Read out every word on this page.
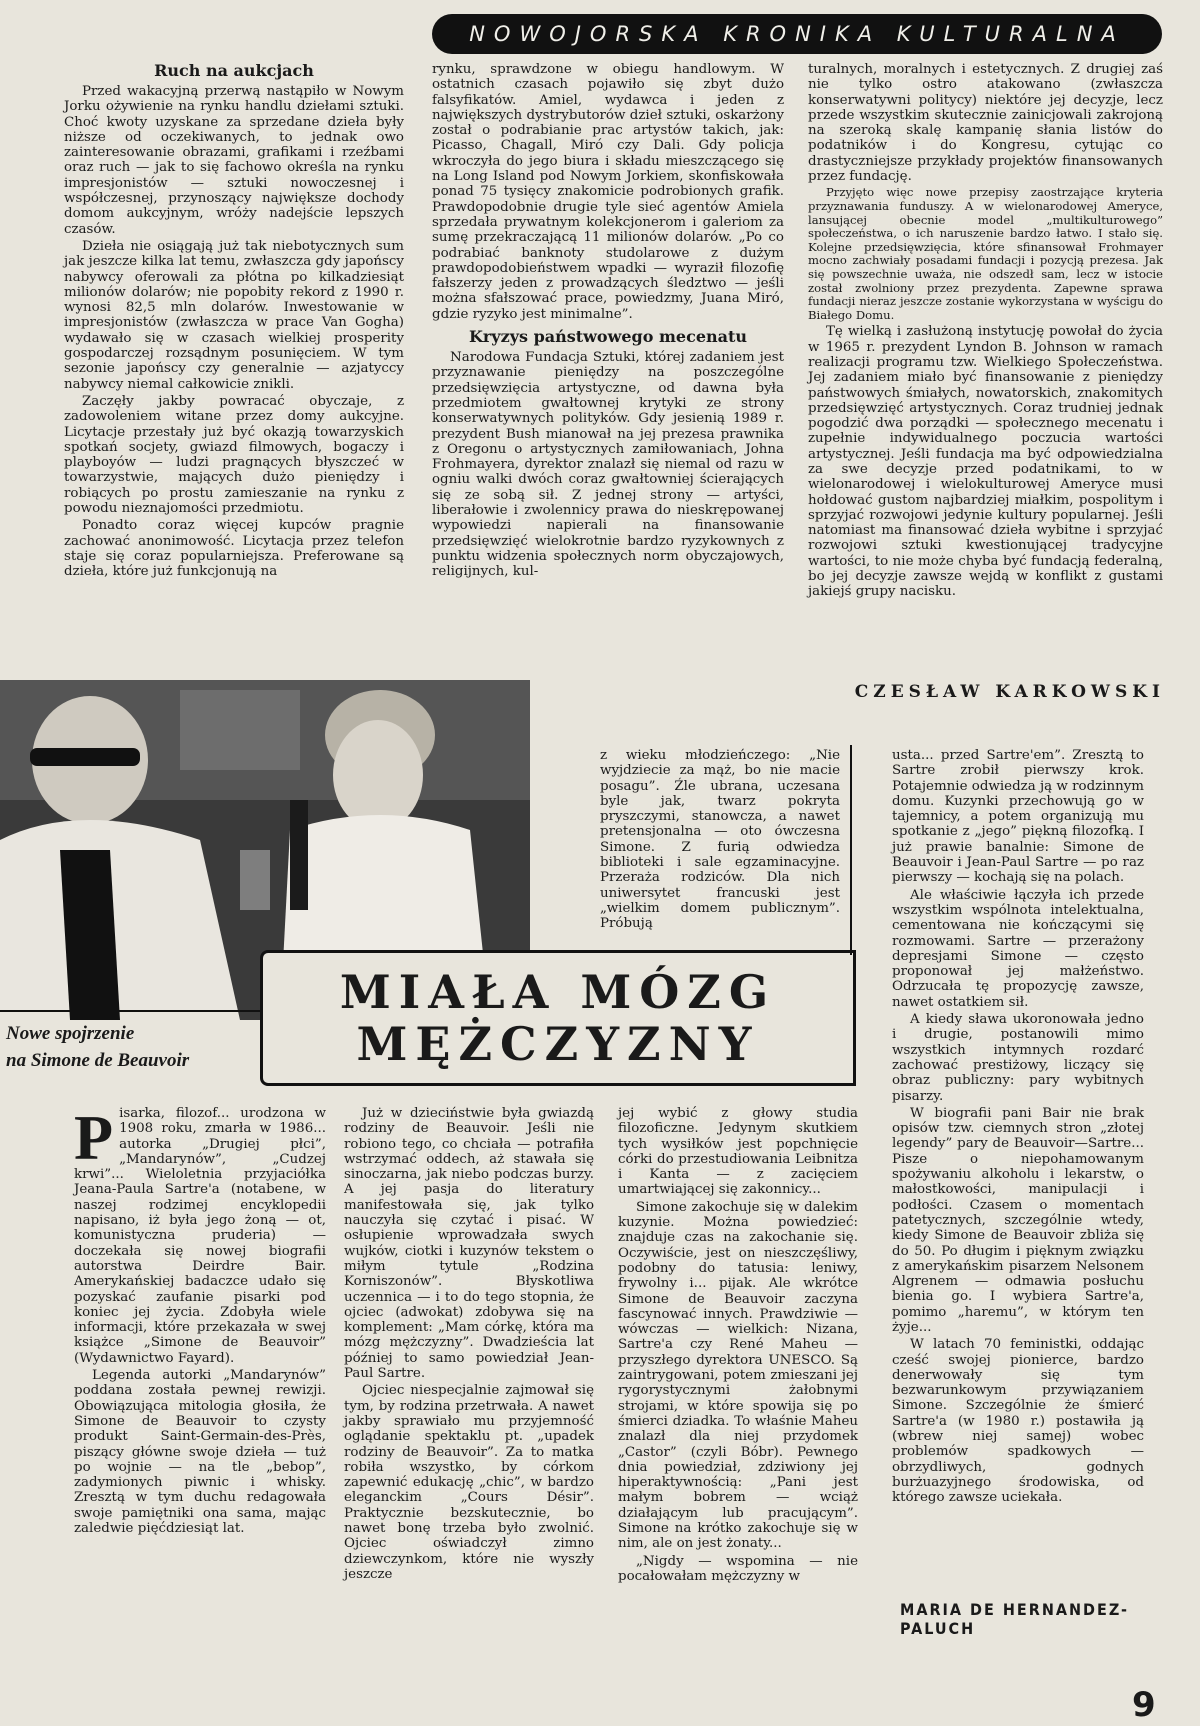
NOWOJORSKA KRONIKA KULTURALNA
Ruch na aukcjach

Przed wakacyjną przerwą nastąpiło w Nowym Jorku ożywienie na rynku handlu dziełami sztuki. Choć kwoty uzyskane za sprzedane dzieła były niższe od oczekiwanych, to jednak owo zainteresowanie obrazami, grafikami i rzeźbami oraz ruch — jak to się fachowo określa na rynku impresjonistów — sztuki nowoczesnej i współczesnej, przynoszący największe dochody domom aukcyjnym, wróży nadejście lepszych czasów.

Dzieła nie osiągają już tak niebotycznych sum jak jeszcze kilka lat temu, zwłaszcza gdy japońscy nabywcy oferowali za płótna po kilkadziesiąt milionów dolarów; nie popobity rekord z 1990 r. wynosi 82,5 mln dolarów. Inwestowanie w impresjonistów (zwłaszcza w prace Van Gogha) wydawało się w czasach wielkiej prosperity gospodarczej rozsądnym posunięciem. W tym sezonie japońscy czy generalnie — azjatyccy nabywcy niemal całkowicie znikli.

Zaczęły jakby powracać obyczaje, z zadowoleniem witane przez domy aukcyjne. Licytacje przestały już być okazją towarzyskich spotkań socjety, gwiazd filmowych, bogaczy i playboyów — ludzi pragnących błyszczeć w towarzystwie, mających dużo pieniędzy i robiących po prostu zamieszanie na rynku z powodu nieznajomości przedmiotu.

Ponadto coraz więcej kupców pragnie zachować anonimowość. Licytacja przez telefon staje się coraz popularniejsza. Preferowane są dzieła, które już funkcjonują na

rynku, sprawdzone w obiegu handlowym. W ostatnich czasach pojawiło się zbyt dużo falsyfikatów. Amiel, wydawca i jeden z największych dystrybutorów dzieł sztuki, oskarżony został o podrabianie prac artystów takich, jak: Picasso, Chagall, Miró czy Dali. Gdy policja wkroczyła do jego biura i składu mieszczącego się na Long Island pod Nowym Jorkiem, skonfiskowała ponad 75 tysięcy znakomicie podrobionych grafik. Prawdopodobnie drugie tyle sieć agentów Amiela sprzedała prywatnym kolekcjonerom i galeriom za sumę przekraczającą 11 milionów dolarów. „Po co podrabiać banknoty studolarowe z dużym prawdopodobieństwem wpadki — wyraził filozofię fałszerzy jeden z prowadzących śledztwo — jeśli można sfałszować prace, powiedzmy, Juana Miró, gdzie ryzyko jest minimalne”.

Kryzys państwowego mecenatu

Narodowa Fundacja Sztuki, której zadaniem jest przyznawanie pieniędzy na poszczególne przedsięwzięcia artystyczne, od dawna była przedmiotem gwałtownej krytyki ze strony konserwatywnych polityków. Gdy jesienią 1989 r. prezydent Bush mianował na jej prezesa prawnika z Oregonu o artystycznych zamiłowaniach, Johna Frohmayera, dyrektor znalazł się niemal od razu w ogniu walki dwóch coraz gwałtowniej ścierających się ze sobą sił. Z jednej strony — artyści, liberałowie i zwolennicy prawa do nieskrępowanej wypowiedzi napierali na finansowanie przedsięwzięć wielokrotnie bardzo ryzykownych z punktu widzenia społecznych norm obyczajowych, religijnych, kul-

turalnych, moralnych i estetycznych. Z drugiej zaś nie tylko ostro atakowano (zwłaszcza konserwatywni politycy) niektóre jej decyzje, lecz przede wszystkim skutecznie zainicjowali zakrojoną na szeroką skalę kampanię słania listów do podatników i do Kongresu, cytując co drastyczniejsze przykłady projektów finansowanych przez fundację.

Przyjęto więc nowe przepisy zaostrzające kryteria przyznawania funduszy. A w wielonarodowej Ameryce, lansującej obecnie model „multikulturowego” społeczeństwa, o ich naruszenie bardzo łatwo. I stało się. Kolejne przedsięwzięcia, które sfinansował Frohmayer mocno zachwiały posadami fundacji i pozycją prezesa. Jak się powszechnie uważa, nie odszedł sam, lecz w istocie został zwolniony przez prezydenta. Zapewne sprawa fundacji nieraz jeszcze zostanie wykorzystana w wyścigu do Białego Domu.

Tę wielką i zasłużoną instytucję powołał do życia w 1965 r. prezydent Lyndon B. Johnson w ramach realizacji programu tzw. Wielkiego Społeczeństwa. Jej zadaniem miało być finansowanie z pieniędzy państwowych śmiałych, nowatorskich, znakomitych przedsięwzięć artystycznych. Coraz trudniej jednak pogodzić dwa porządki — społecznego mecenatu i zupełnie indywidualnego poczucia wartości artystycznej. Jeśli fundacja ma być odpowiedzialna za swe decyzje przed podatnikami, to w wielonarodowej i wielokulturowej Ameryce musi hołdować gustom najbardziej miałkim, pospolitym i sprzyjać rozwojowi jedynie kultury popularnej. Jeśli natomiast ma finansować dzieła wybitne i sprzyjać rozwojowi sztuki kwestionującej tradycyjne wartości, to nie może chyba być fundacją federalną, bo jej decyzje zawsze wejdą w konflikt z gustami jakiejś grupy nacisku.

CZESŁAW KARKOWSKI
Nowe spojrzenie
na Simone de Beauvoir
MIAŁA MÓZG
MĘŻCZYZNY

z wieku młodzieńczego: „Nie wyjdziecie za mąż, bo nie macie posagu”. Źle ubrana, uczesana byle jak, twarz pokryta pryszczymi, stanowcza, a nawet pretensjonalna — oto ówczesna Simone. Z furią odwiedza biblioteki i sale egzaminacyjne. Przeraża rodziców. Dla nich uniwersytet francuski jest „wielkim domem publicznym”. Próbują

usta... przed Sartre'em”. Zresztą to Sartre zrobił pierwszy krok. Potajemnie odwiedza ją w rodzinnym domu. Kuzynki przechowują go w tajemnicy, a potem organizują mu spotkanie z „jego” piękną filozofką. I już prawie banalnie: Simone de Beauvoir i Jean-Paul Sartre — po raz pierwszy — kochają się na polach.

Ale właściwie łączyła ich przede wszystkim wspólnota intelektualna, cementowana nie kończącymi się rozmowami. Sartre — przerażony depresjami Simone — często proponował jej małżeństwo. Odrzucała tę propozycję zawsze, nawet ostatkiem sił.

A kiedy sława ukoronowała jedno i drugie, postanowili mimo wszystkich intymnych rozdarć zachować prestiżowy, liczący się obraz publiczny: pary wybitnych pisarzy.

W biografii pani Bair nie brak opisów tzw. ciemnych stron „złotej legendy” pary de Beauvoir—Sartre... Pisze o niepohamowanym spożywaniu alkoholu i lekarstw, o małostkowości, manipulacji i podłości. Czasem o momentach patetycznych, szczególnie wtedy, kiedy Simone de Beauvoir zbliża się do 50. Po długim i pięknym związku z amerykańskim pisarzem Nelsonem Algrenem — odmawia posłuchu bienia go. I wybiera Sartre'a, pomimo „haremu”, w którym ten żyje...

W latach 70 feministki, oddając cześć swojej pionierce, bardzo denerwowały się tym bezwarunkowym przywiązaniem Simone. Szczególnie że śmierć Sartre'a (w 1980 r.) postawiła ją (wbrew niej samej) wobec problemów spadkowych — obrzydliwych, godnych burżuazyjnego środowiska, od którego zawsze uciekała.

Pisarka, filozof... urodzona w 1908 roku, zmarła w 1986... autorka „Drugiej płci”, „Mandarynów”, „Cudzej krwi”... Wieloletnia przyjaciółka Jeana-Paula Sartre'a (notabene, w naszej rodzimej encyklopedii napisano, iż była jego żoną — ot, komunistyczna pruderia) — doczekała się nowej biografii autorstwa Deirdre Bair. Amerykańskiej badaczce udało się pozyskać zaufanie pisarki pod koniec jej życia. Zdobyła wiele informacji, które przekazała w swej książce „Simone de Beauvoir” (Wydawnictwo Fayard).

Legenda autorki „Mandarynów” poddana została pewnej rewizji. Obowiązująca mitologia głosiła, że Simone de Beauvoir to czysty produkt Saint-Germain-des-Près, piszący główne swoje dzieła — tuż po wojnie — na tle „bebop”, zadymionych piwnic i whisky. Zresztą w tym duchu redagowała swoje pamiętniki ona sama, mając zaledwie pięćdziesiąt lat.

Już w dzieciństwie była gwiazdą rodziny de Beauvoir. Jeśli nie robiono tego, co chciała — potrafiła wstrzymać oddech, aż stawała się sinoczarna, jak niebo podczas burzy. A jej pasja do literatury manifestowała się, jak tylko nauczyła się czytać i pisać. W osłupienie wprowadzała swych wujków, ciotki i kuzynów tekstem o miłym tytule „Rodzina Korniszonów”. Błyskotliwa uczennica — i to do tego stopnia, że ojciec (adwokat) zdobywa się na komplement: „Mam córkę, która ma mózg mężczyzny”. Dwadzieścia lat później to samo powiedział Jean-Paul Sartre.

Ojciec niespecjalnie zajmował się tym, by rodzina przetrwała. A nawet jakby sprawiało mu przyjemność oglądanie spektaklu pt. „upadek rodziny de Beauvoir”. Za to matka robiła wszystko, by córkom zapewnić edukację „chic”, w bardzo eleganckim „Cours Désir”. Praktycznie bezskutecznie, bo nawet bonę trzeba było zwolnić. Ojciec oświadczył zimno dziewczynkom, które nie wyszły jeszcze

jej wybić z głowy studia filozoficzne. Jedynym skutkiem tych wysiłków jest popchnięcie córki do przestudiowania Leibnitza i Kanta — z zacięciem umartwiającej się zakonnicy...

Simone zakochuje się w dalekim kuzynie. Można powiedzieć: znajduje czas na zakochanie się. Oczywiście, jest on nieszczęśliwy, podobny do tatusia: leniwy, frywolny i... pijak. Ale wkrótce Simone de Beauvoir zaczyna fascynować innych. Prawdziwie — wówczas — wielkich: Nizana, Sartre'a czy René Maheu — przyszłego dyrektora UNESCO. Są zaintrygowani, potem zmieszani jej rygorystycznymi żałobnymi strojami, w które spowija się po śmierci dziadka. To właśnie Maheu znalazł dla niej przydomek „Castor” (czyli Bóbr). Pewnego dnia powiedział, zdziwiony jej hiperaktywnością: „Pani jest małym bobrem — wciąż działającym lub pracującym”. Simone na krótko zakochuje się w nim, ale on jest żonaty...

„Nigdy — wspomina — nie pocałowałam mężczyzny w

MARIA DE HERNANDEZ-PALUCH
9
